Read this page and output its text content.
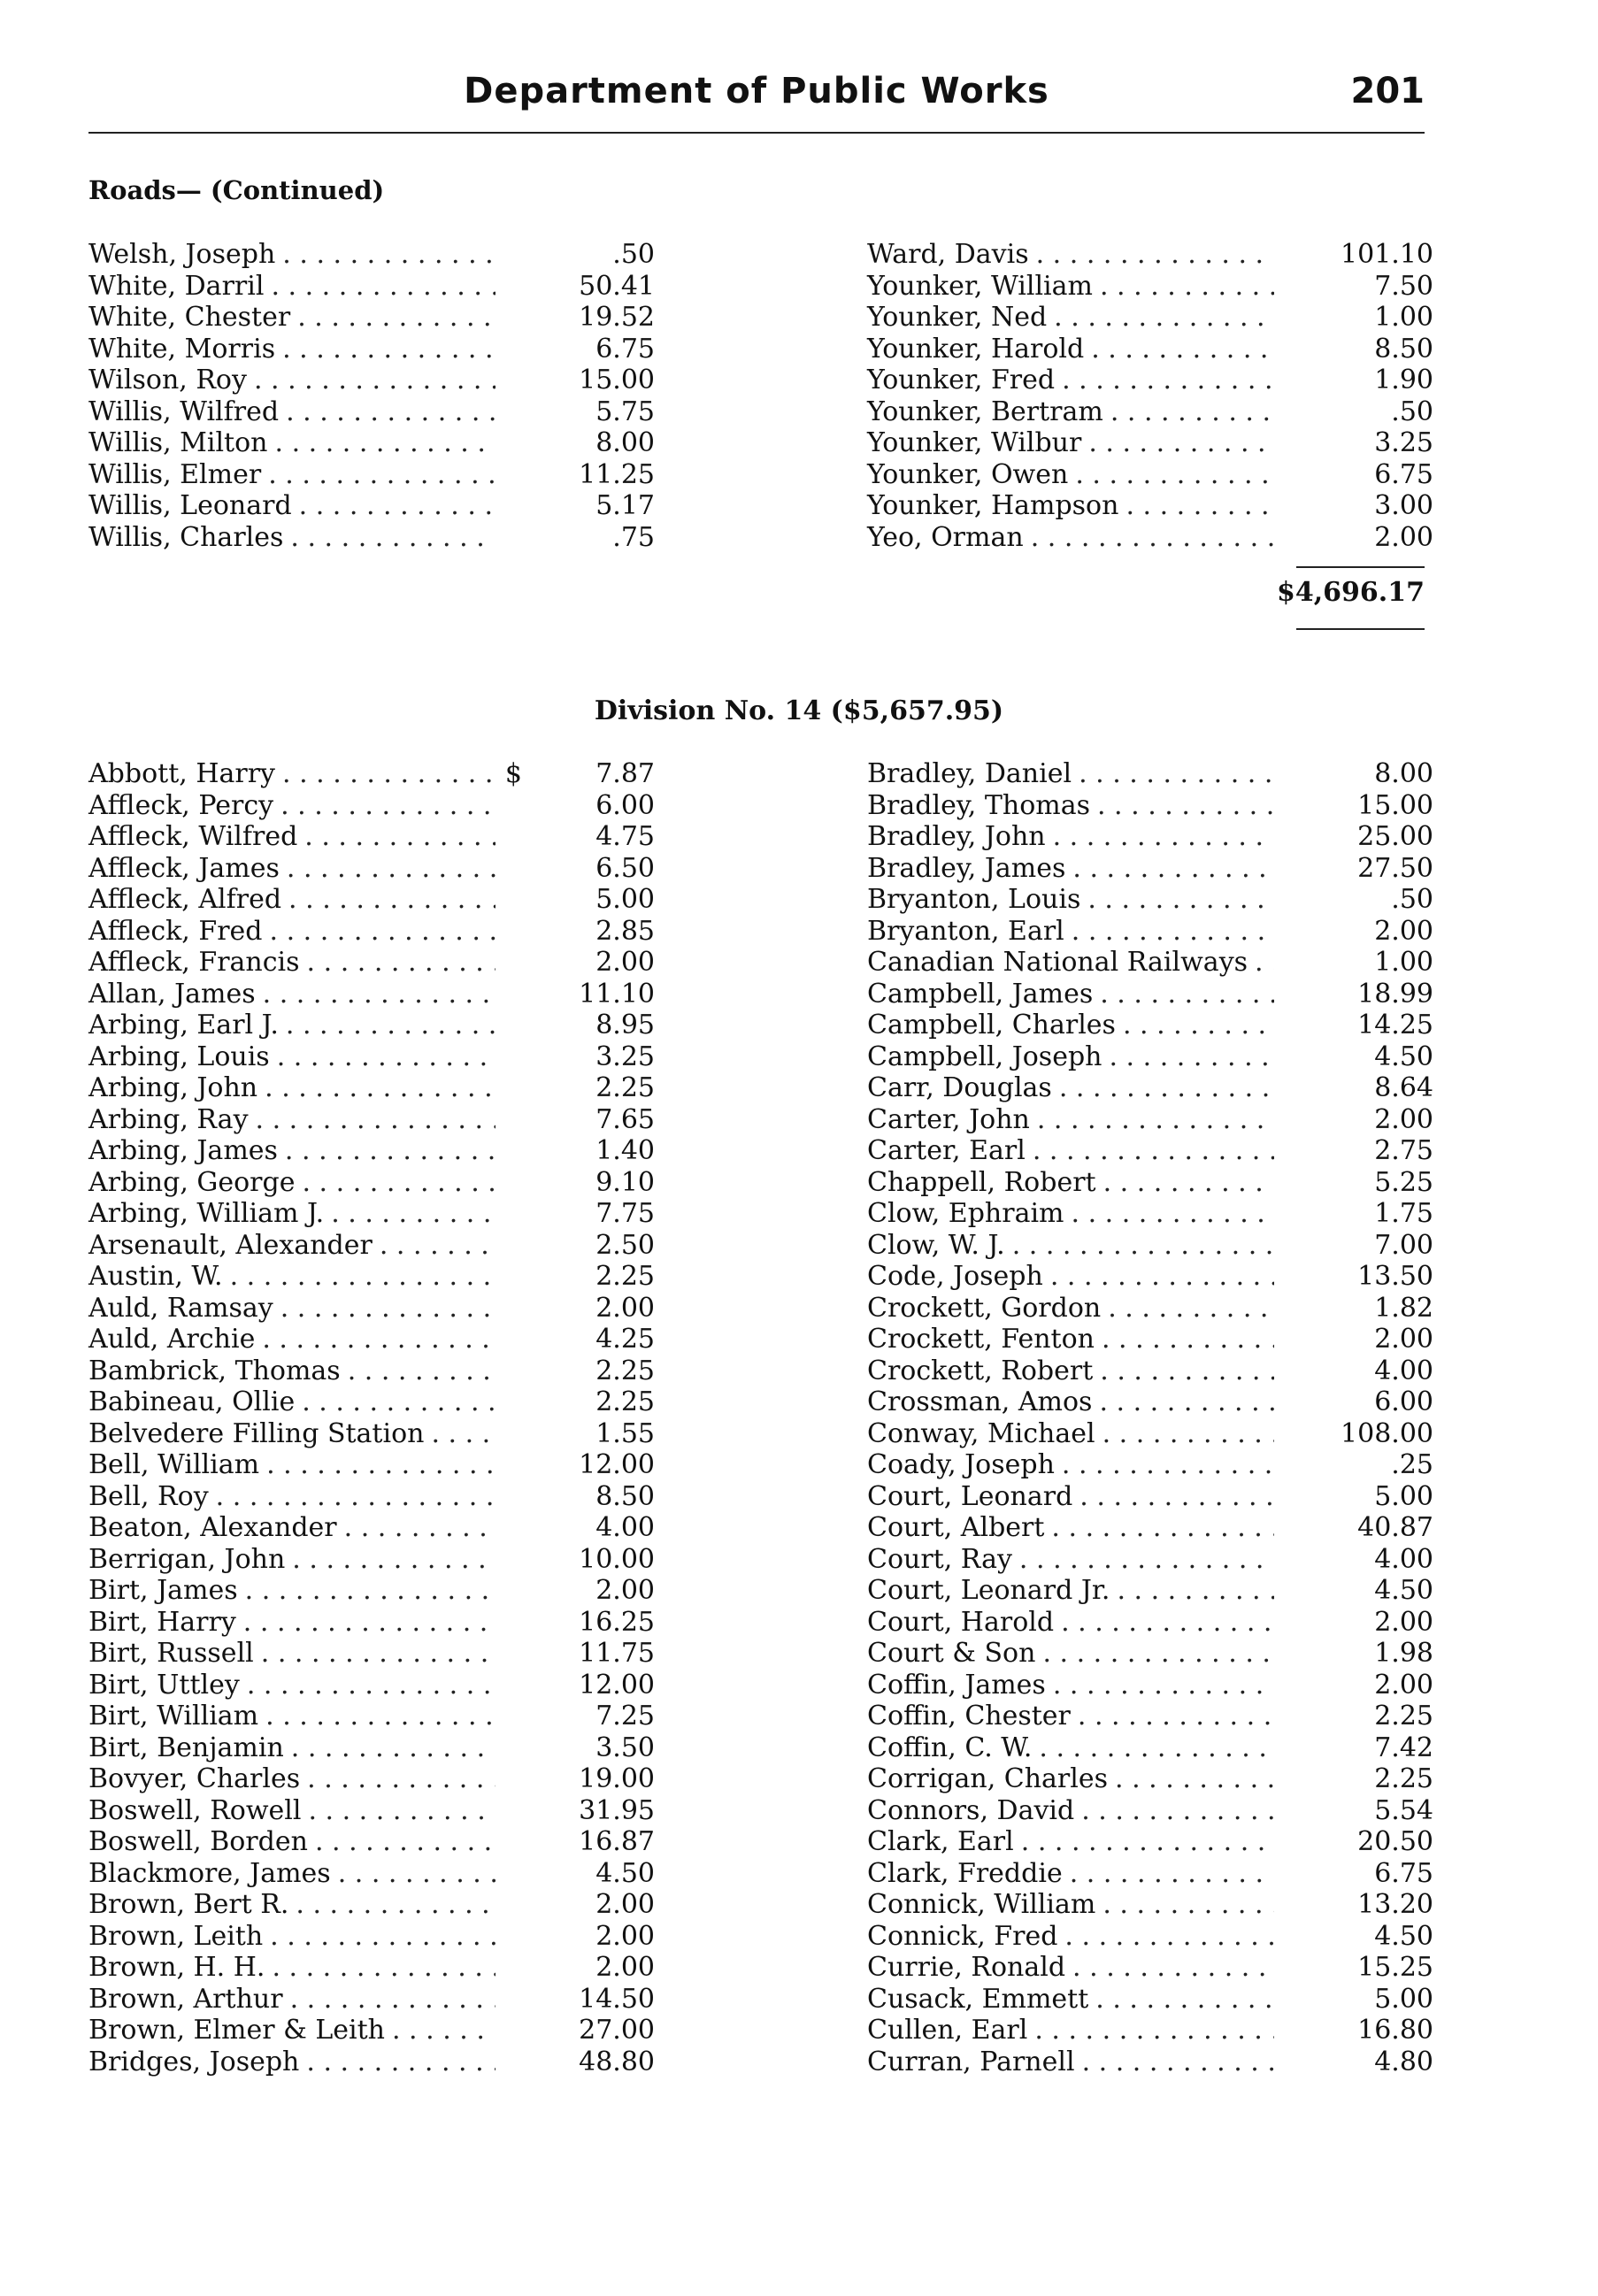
Department of Public Works	201
Roads— (Continued)
Welsh, Joseph . . .	.50
White, Darril . . .	50.41
White, Chester . . .	19.52
White, Morris . . .	6.75
Wilson, Roy . . .	15.00
Willis, Wilfred . . .	5.75
Willis, Milton . . .	8.00
Willis, Elmer . . .	11.25
Willis, Leonard . . .	5.17
Willis, Charles . . .	.75
Ward, Davis . . .	101.10
Younker, William . . .	7.50
Younker, Ned . . .	1.00
Younker, Harold . . .	8.50
Younker, Fred . . .	1.90
Younker, Bertram . . .	.50
Younker, Wilbur . . .	3.25
Younker, Owen . . .	6.75
Younker, Hampson . . .	3.00
Yeo, Orman . . .	2.00
$4,696.17
Division No. 14 ($5,657.95)
Abbott, Harry . . .	$	7.87
Affleck, Percy . . .	6.00
Affleck, Wilfred . . .	4.75
Affleck, James . . .	6.50
Affleck, Alfred . . .	5.00
Affleck, Fred . . .	2.85
Affleck, Francis . . .	2.00
Allan, James . . .	11.10
Arbing, Earl J. . . .	8.95
Arbing, Louis . . .	3.25
Arbing, John . . .	2.25
Arbing, Ray . . .	7.65
Arbing, James . . .	1.40
Arbing, George . . .	9.10
Arbing, William J. . . .	7.75
Arsenault, Alexander . . .	2.50
Austin, W. . . .	2.25
Auld, Ramsay . . .	2.00
Auld, Archie . . .	4.25
Bambrick, Thomas . . .	2.25
Babineau, Ollie . . .	2.25
Belvedere Filling Station . . .	1.55
Bell, William . . .	12.00
Bell, Roy . . .	8.50
Beaton, Alexander . . .	4.00
Berrigan, John . . .	10.00
Birt, James . . .	2.00
Birt, Harry . . .	16.25
Birt, Russell . . .	11.75
Birt, Uttley . . .	12.00
Birt, William . . .	7.25
Birt, Benjamin . . .	3.50
Bovyer, Charles . . .	19.00
Boswell, Rowell . . .	31.95
Boswell, Borden . . .	16.87
Blackmore, James . . .	4.50
Brown, Bert R. . . .	2.00
Brown, Leith . . .	2.00
Brown, H. H. . . .	2.00
Brown, Arthur . . .	14.50
Brown, Elmer & Leith . . .	27.00
Bridges, Joseph . . .	48.80
Bradley, Daniel . . .	8.00
Bradley, Thomas . . .	15.00
Bradley, John . . .	25.00
Bradley, James . . .	27.50
Bryanton, Louis . . .	.50
Bryanton, Earl . . .	2.00
Canadian National Railways . . .	1.00
Campbell, James . . .	18.99
Campbell, Charles . . .	14.25
Campbell, Joseph . . .	4.50
Carr, Douglas . . .	8.64
Carter, John . . .	2.00
Carter, Earl . . .	2.75
Chappell, Robert . . .	5.25
Clow, Ephraim . . .	1.75
Clow, W. J. . . .	7.00
Code, Joseph . . .	13.50
Crockett, Gordon . . .	1.82
Crockett, Fenton . . .	2.00
Crockett, Robert . . .	4.00
Crossman, Amos . . .	6.00
Conway, Michael . . .	108.00
Coady, Joseph . . .	.25
Court, Leonard . . .	5.00
Court, Albert . . .	40.87
Court, Ray . . .	4.00
Court, Leonard Jr. . . .	4.50
Court, Harold . . .	2.00
Court & Son . . .	1.98
Coffin, James . . .	2.00
Coffin, Chester . . .	2.25
Coffin, C. W. . . .	7.42
Corrigan, Charles . . .	2.25
Connors, David . . .	5.54
Clark, Earl . . .	20.50
Clark, Freddie . . .	6.75
Connick, William . . .	13.20
Connick, Fred . . .	4.50
Currie, Ronald . . .	15.25
Cusack, Emmett . . .	5.00
Cullen, Earl . . .	16.80
Curran, Parnell . . .	4.80
